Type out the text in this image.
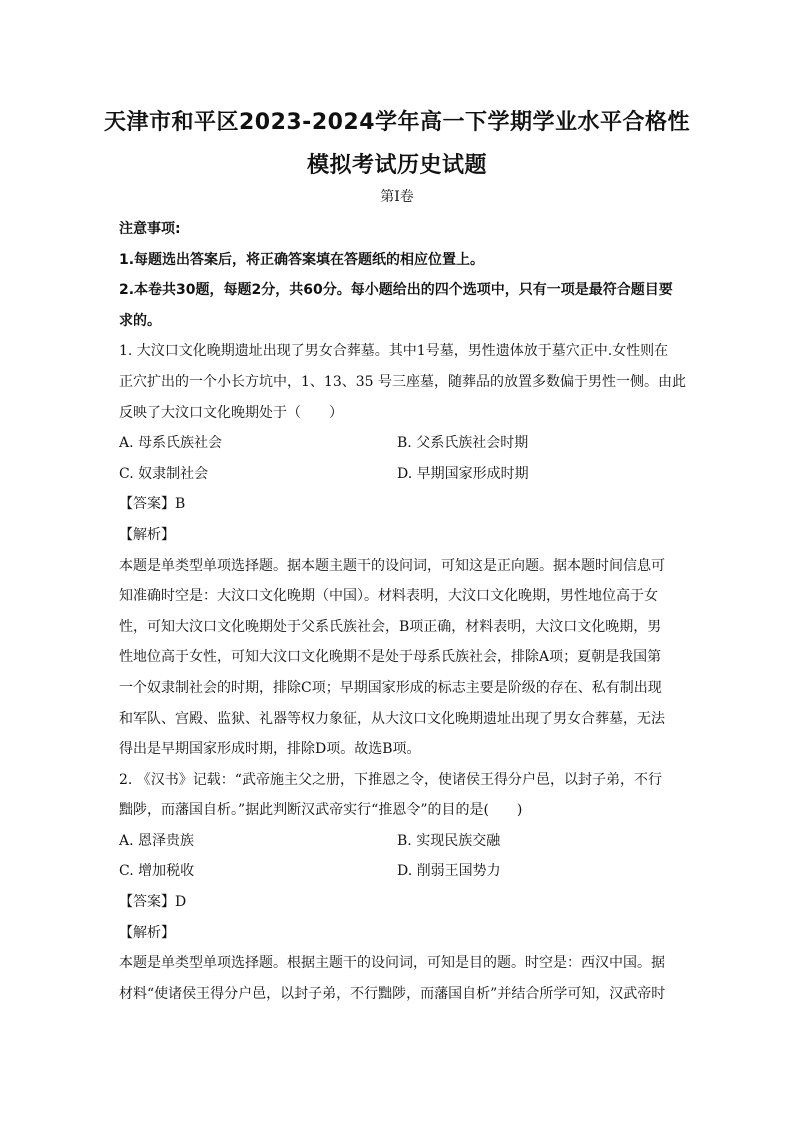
天津市和平区2023-2024学年高一下学期学业水平合格性
模拟考试历史试题
第Ⅰ卷
注意事项:
1.每题选出答案后，将正确答案填在答题纸的相应位置上。
2.本卷共30题，每题2分，共60分。每小题给出的四个选项中，只有一项是最符合题目要
求的。
1. 大汶口文化晚期遗址出现了男女合葬墓。其中1号墓，男性遗体放于墓穴正中.女性则在
正穴扩出的一个小长方坑中，1、13、35 号三座墓，随葬品的放置多数偏于男性一侧。由此
反映了大汶口文化晚期处于（　　）
A. 母系氏族社会	B. 父系氏族社会时期
C. 奴隶制社会	D. 早期国家形成时期
【答案】B
【解析】
本题是单类型单项选择题。据本题主题干的设问词，可知这是正向题。据本题时间信息可
知准确时空是：大汶口文化晚期（中国）。材料表明，大汶口文化晚期，男性地位高于女
性，可知大汶口文化晚期处于父系氏族社会，B项正确，材料表明，大汶口文化晚期，男
性地位高于女性，可知大汶口文化晚期不是处于母系氏族社会，排除A项；夏朝是我国第
一个奴隶制社会的时期，排除C项；早期国家形成的标志主要是阶级的存在、私有制出现
和军队、宫殿、监狱、礼器等权力象征，从大汶口文化晚期遗址出现了男女合葬墓，无法
得出是早期国家形成时期，排除D项。故选B项。
2. 《汉书》记载：“武帝施主父之册，下推恩之令，使诸侯王得分户邑，以封子弟，不行
黜陟，而藩国自析。”据此判断汉武帝实行“推恩令”的目的是(　　)
A. 恩泽贵族	B. 实现民族交融
C. 增加税收	D. 削弱王国势力
【答案】D
【解析】
本题是单类型单项选择题。根据主题干的设问词，可知是目的题。时空是：西汉中国。据
材料“使诸侯王得分户邑，以封子弟，不行黜陟，而藩国自析”并结合所学可知，汉武帝时
